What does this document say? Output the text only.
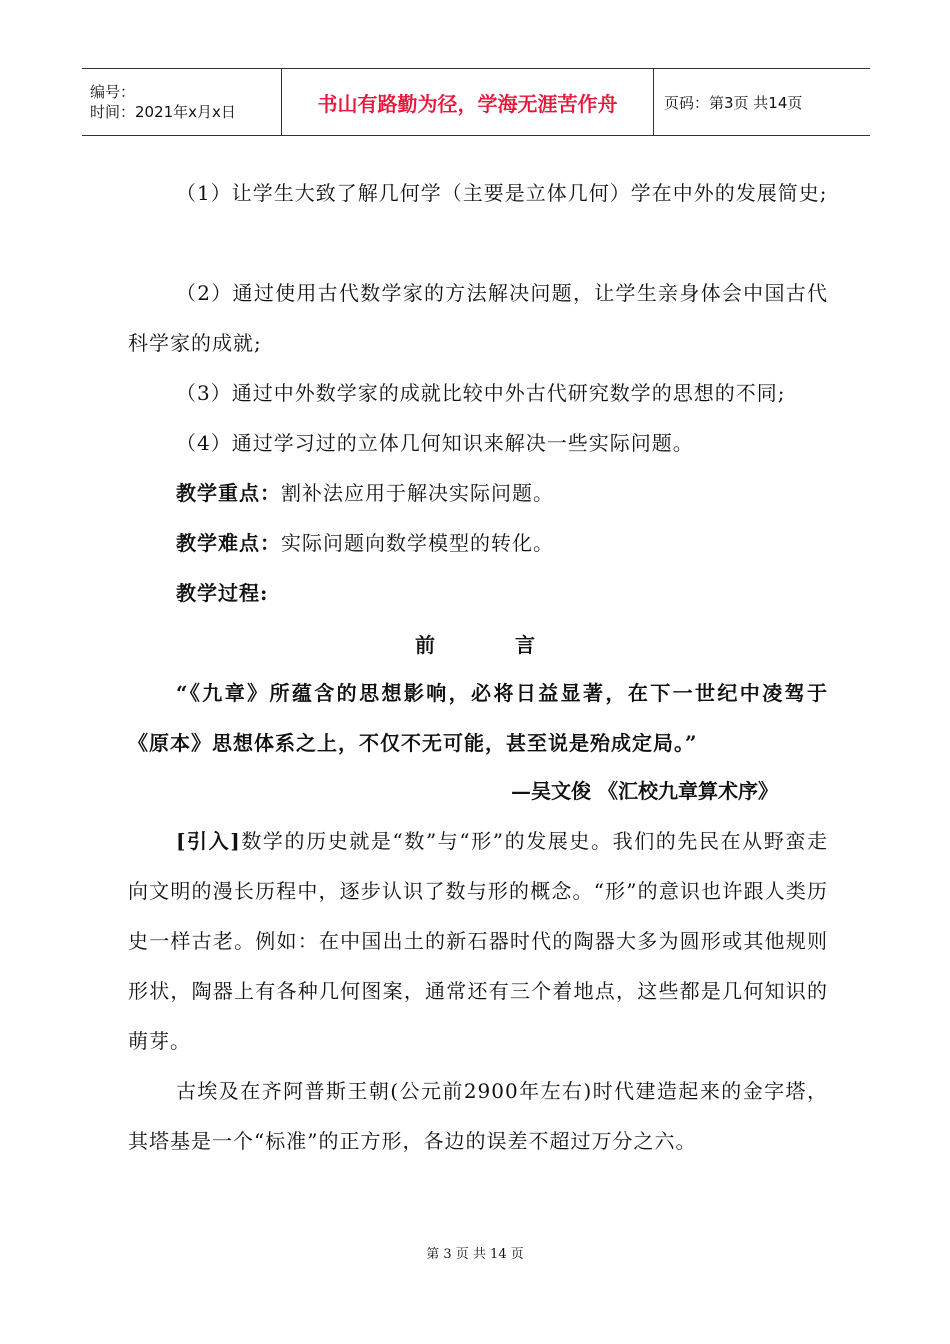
编号：
时间：2021年x月x日	书山有路勤为径，学海无涯苦作舟	页码：第3页 共14页
（1）让学生大致了解几何学（主要是立体几何）学在中外的发展简史;
（2）通过使用古代数学家的方法解决问题，让学生亲身体会中国古代科学家的成就;
（3）通过中外数学家的成就比较中外古代研究数学的思想的不同;
（4）通过学习过的立体几何知识来解决一些实际问题。
教学重点：割补法应用于解决实际问题。
教学难点：实际问题向数学模型的转化。
教学过程:
前	言
“《九章》所蕴含的思想影响，必将日益显著，在下一世纪中凌驾于《原本》思想体系之上，不仅不无可能，甚至说是殆成定局。”
—吴文俊 《汇校九章算术序》
[引入]数学的历史就是“数”与“形”的发展史。我们的先民在从野蛮走向文明的漫长历程中，逐步认识了数与形的概念。“形”的意识也许跟人类历史一样古老。例如：在中国出土的新石器时代的陶器大多为圆形或其他规则形状，陶器上有各种几何图案，通常还有三个着地点，这些都是几何知识的萌芽。
古埃及在齐阿普斯王朝(公元前2900年左右)时代建造起来的金字塔，其塔基是一个“标准”的正方形，各边的误差不超过万分之六。
第 3 页 共 14 页
